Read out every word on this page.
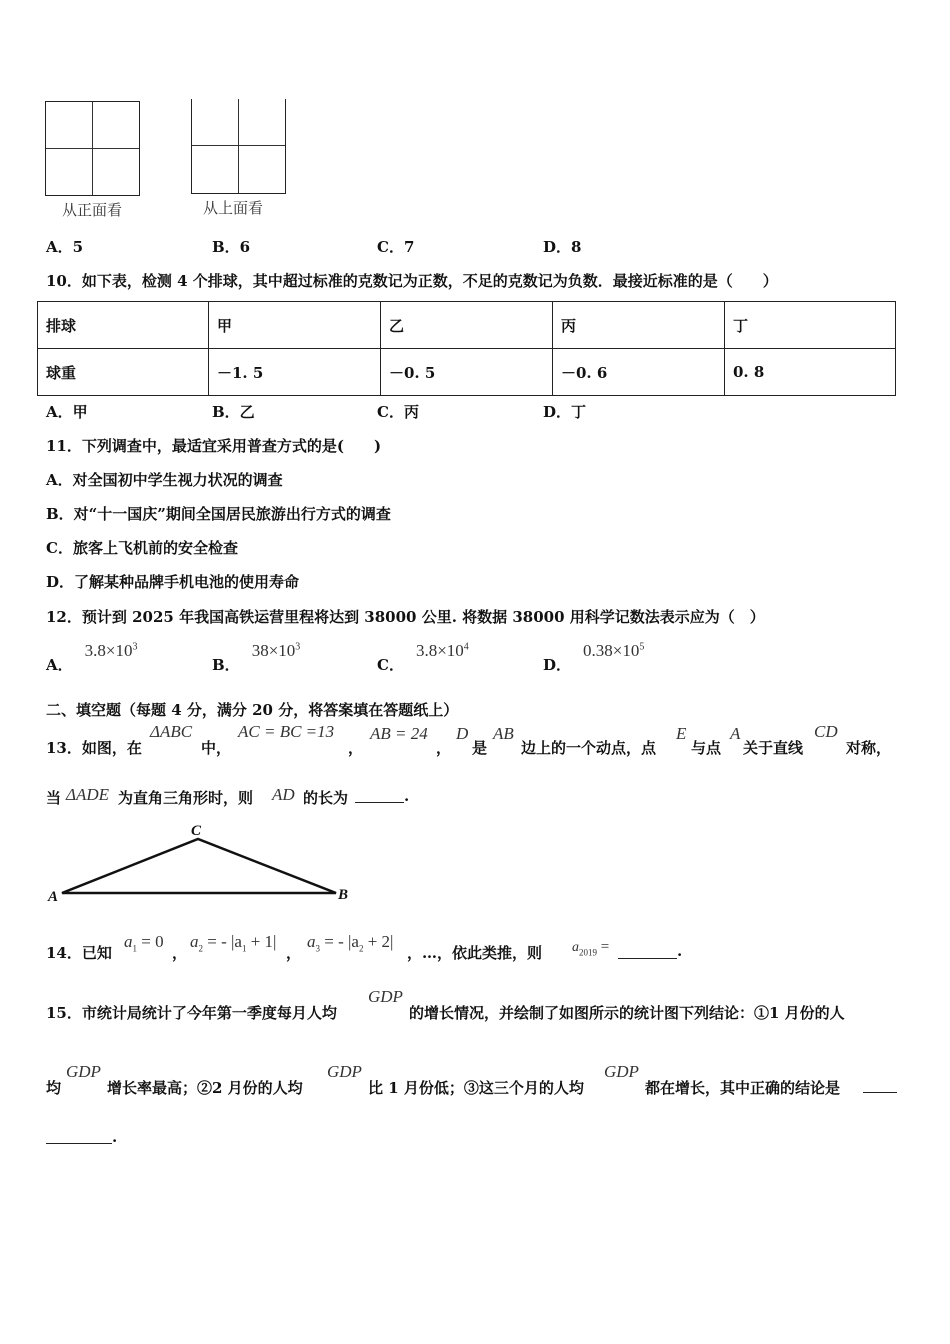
从正面看	从上面看
A．5	B．6	C．7	D．8
10．如下表，检测 4 个排球，其中超过标准的克数记为正数，不足的克数记为负数．最接近标准的是（　　）
排球	甲	乙	丙	丁
球重	－1. 5	－0. 5	－0. 6	0. 8
A．甲	B．乙	C．丙	D．丁
11．下列调查中，最适宜采用普查方式的是(　　)
A．对全国初中学生视力状况的调查
B．对“十一国庆”期间全国居民旅游出行方式的调查
C．旅客上飞机前的安全检查
D．了解某种品牌手机电池的使用寿命
12．预计到 2025 年我国高铁运营里程将达到 38000 公里. 将数据 38000 用科学记数法表示应为（　）
A．$3.8\times 10^3$
B．$38\times 10^3$
C．$3.8\times 10^4$
D．$0.38\times 10^5$
二、填空题（每题 4 分，满分 20 分，将答案填在答题纸上）
13．如图，在
ΔABC
中，
AC = BC =13
，
AB = 24
，
D
是
AB
边上的一个动点，点
E
与点
A
关于直线
CD
对称，
当 ΔADE 为直角三角形时，则 AD 的长为	.
C
A	B
14．已知
$a_1 = 0$
，
$a_2$ = - $|a_1 + 1|$
，
$a_3$ = - $|a_2 + 2|$
，…，依此类推，则 $a_{2019}$ =	.
15．市统计局统计了今年第一季度每月人均
GDP
的增长情况，并绘制了如图所示的统计图下列结论：①1 月份的人
均
GDP
增长率最高；②2 月份的人均
GDP
比 1 月份低；③这三个月的人均
GDP
都在增长，其中正确的结论是
.
